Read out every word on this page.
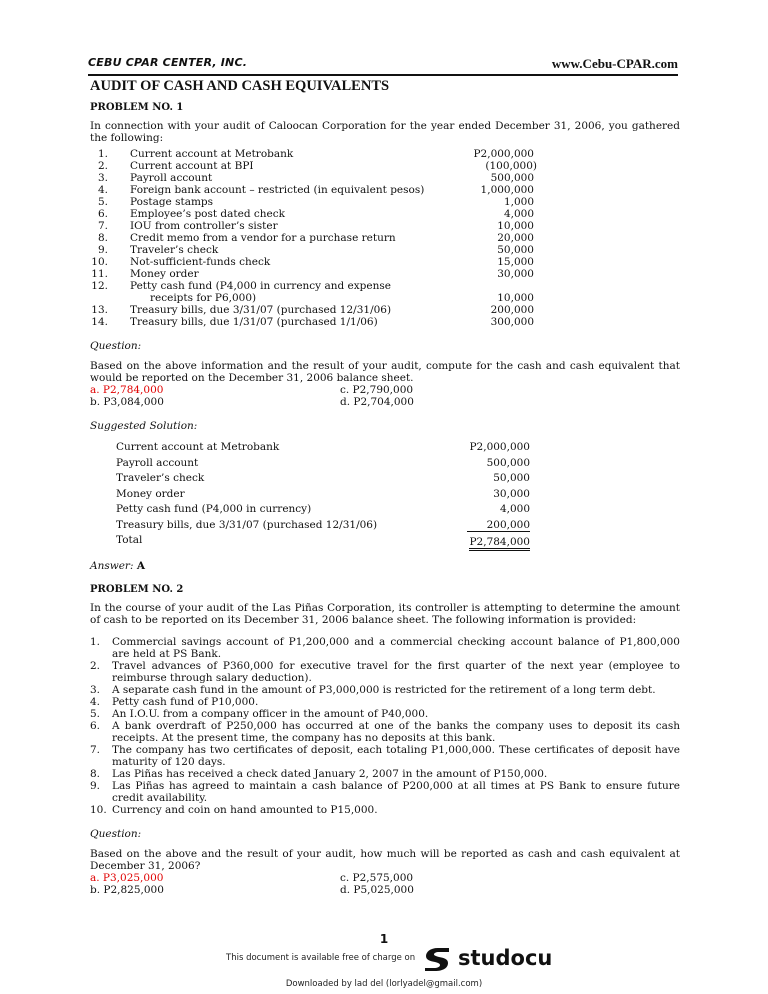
CEBU CPAR CENTER, INC.	www.Cebu-CPAR.com
AUDIT OF CASH AND CASH EQUIVALENTS
PROBLEM NO. 1

In connection with your audit of Caloocan Corporation for the year ended December 31, 2006, you gathered the following:

1. Current account at Metrobank	P2,000,000
2. Current account at BPI	(100,000)
3. Payroll account	500,000
4. Foreign bank account – restricted (in equivalent pesos)	1,000,000
5. Postage stamps	1,000
6. Employee’s post dated check	4,000
7. IOU from controller’s sister	10,000
8. Credit memo from a vendor for a purchase return	20,000
9. Traveler’s check	50,000
10. Not-sufficient-funds check	15,000
11. Money order	30,000
12. Petty cash fund (P4,000 in currency and expense
receipts for P6,000)	10,000
13. Treasury bills, due 3/31/07 (purchased 12/31/06)	200,000
14. Treasury bills, due 1/31/07 (purchased 1/1/06)	300,000
Question:

Based on the above information and the result of your audit, compute for the cash and cash equivalent that would be reported on the December 31, 2006 balance sheet.

a. P2,784,000
b. P3,084,000
c. P2,790,000
d. P2,704,000
Suggested Solution:
Current account at Metrobank	P2,000,000
Payroll account	500,000
Traveler’s check	50,000
Money order	30,000
Petty cash fund (P4,000 in currency)	4,000
Treasury bills, due 3/31/07 (purchased 12/31/06)	200,000
Total	P2,784,000
Answer: A
PROBLEM NO. 2

In the course of your audit of the Las Piñas Corporation, its controller is attempting to determine the amount of cash to be reported on its December 31, 2006 balance sheet. The following information is provided:

1.	Commercial savings account of P1,200,000 and a commercial checking account balance of P1,800,000 are held at PS Bank.
2.	Travel advances of P360,000 for executive travel for the first quarter of the next year (employee to reimburse through salary deduction).
3.	A separate cash fund in the amount of P3,000,000 is restricted for the retirement of a long term debt.
4.	Petty cash fund of P10,000.
5.	An I.O.U. from a company officer in the amount of P40,000.
6.	A bank overdraft of P250,000 has occurred at one of the banks the company uses to deposit its cash receipts. At the present time, the company has no deposits at this bank.
7.	The company has two certificates of deposit, each totaling P1,000,000. These certificates of deposit have maturity of 120 days.
8.	Las Piñas has received a check dated January 2, 2007 in the amount of P150,000.
9.	Las Piñas has agreed to maintain a cash balance of P200,000 at all times at PS Bank to ensure future credit availability.
10. Currency and coin on hand amounted to P15,000.
Question:

Based on the above and the result of your audit, how much will be reported as cash and cash equivalent at December 31, 2006?

a. P3,025,000
b. P2,825,000
c. P2,575,000
d. P5,025,000
1
This document is available free of charge on studocu
Downloaded by lad del (lorlyadel@gmail.com)
